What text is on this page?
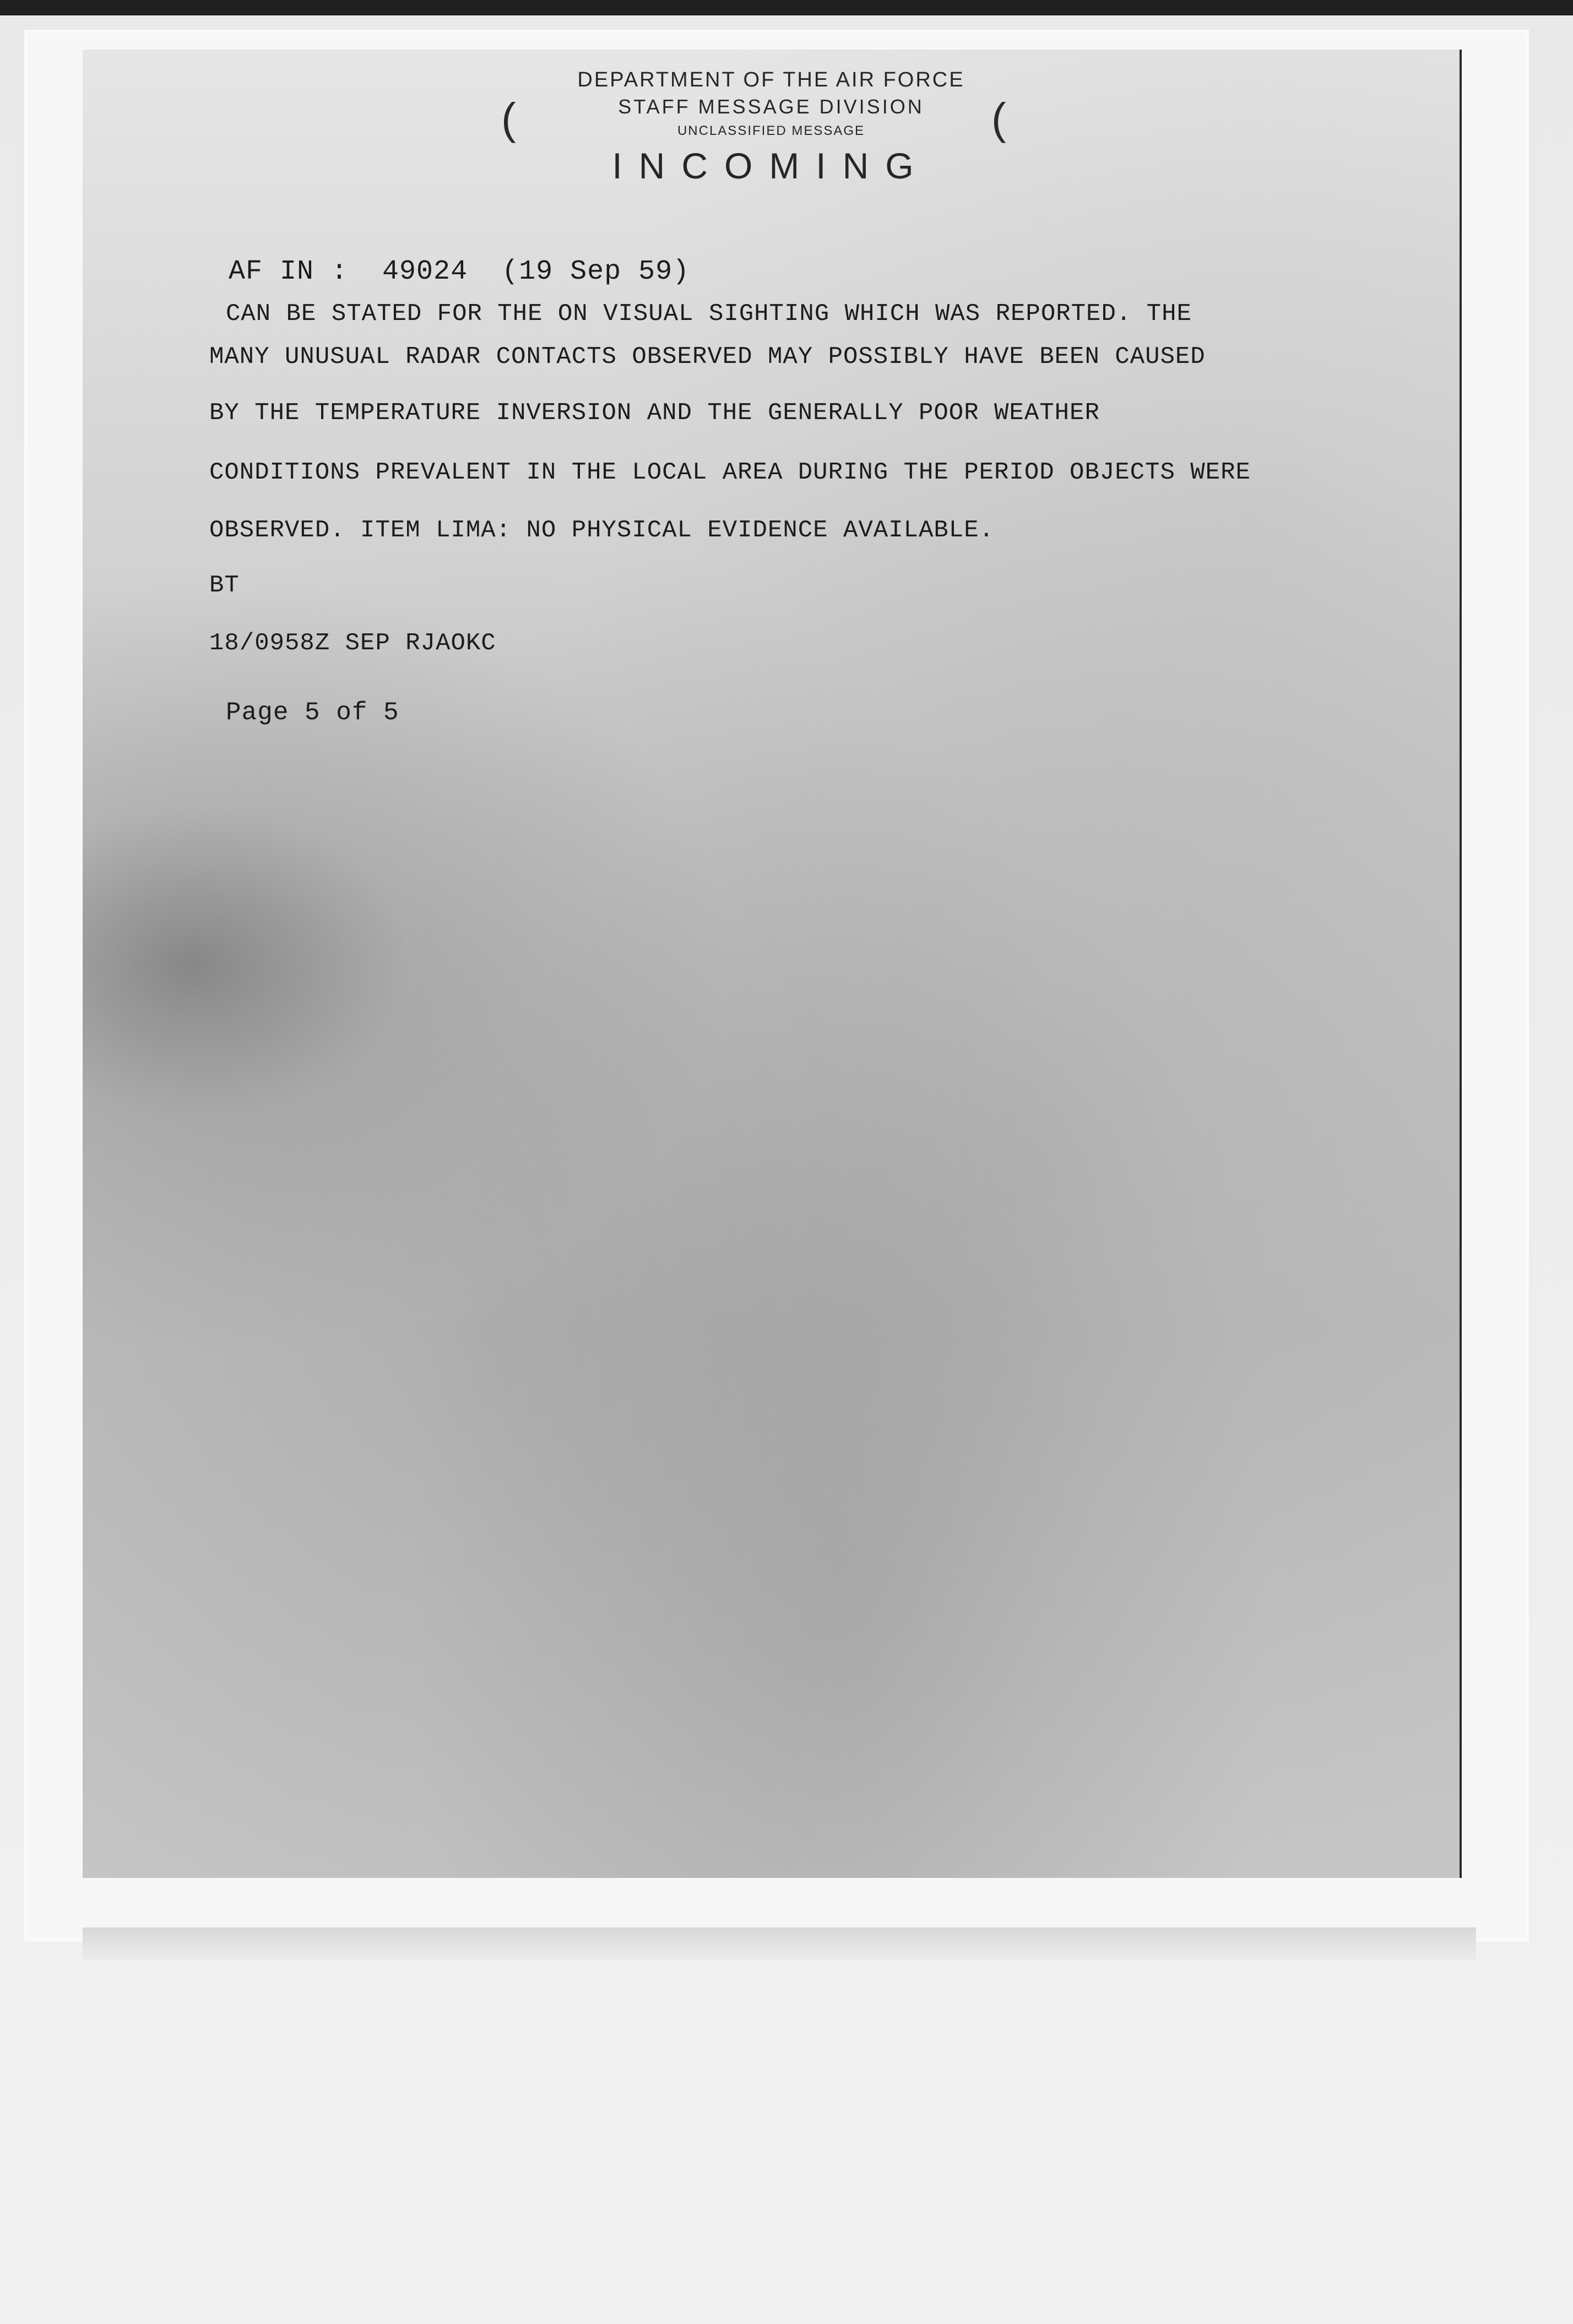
DEPARTMENT OF THE AIR FORCE
STAFF MESSAGE DIVISION
UNCLASSIFIED MESSAGE
INCOMING
(	(
AF IN :  49024  (19 Sep 59)
CAN BE STATED FOR THE ON VISUAL SIGHTING WHICH WAS REPORTED. THE
MANY UNUSUAL RADAR CONTACTS OBSERVED MAY POSSIBLY HAVE BEEN CAUSED
BY THE TEMPERATURE INVERSION AND THE GENERALLY POOR WEATHER
CONDITIONS PREVALENT IN THE LOCAL AREA DURING THE PERIOD OBJECTS WERE
OBSERVED. ITEM LIMA: NO PHYSICAL EVIDENCE AVAILABLE.
BT
18/0958Z SEP RJAOKC
Page 5 of 5
